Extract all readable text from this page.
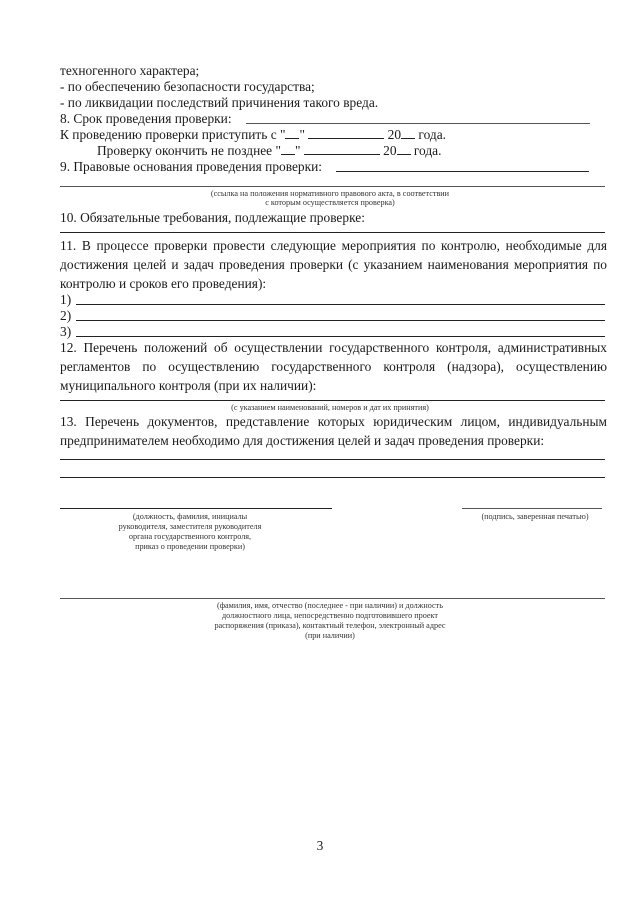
техногенного характера;
- по обеспечению безопасности государства;
- по ликвидации последствий причинения такого вреда.
8. Срок проведения проверки:
К проведению проверки приступить с " "	20 года.
Проверку окончить не позднее " "	20 года.
9. Правовые основания проведения проверки:
(ссылка на положения нормативного правового акта, в соответствии
с которым осуществляется проверка)
10. Обязательные требования, подлежащие проверке:
11. В процессе проверки провести следующие мероприятия по контролю, необходимые для
достижения целей и задач проведения проверки (с указанием наименования мероприятия по
контролю и сроков его проведения):
1)
2)
3)
12. Перечень положений об осуществлении государственного контроля, административных
регламентов по осуществлению государственного контроля (надзора), осуществлению
муниципального контроля (при их наличии):
(с указанием наименований, номеров и дат их принятия)
13. Перечень документов, представление которых юридическим лицом, индивидуальным
предпринимателем необходимо для достижения целей и задач проведения проверки:
(должность, фамилия, инициалы
руководителя, заместителя руководителя
органа государственного контроля,
приказ о проведении проверки)
(подпись, заверенная печатью)
(фамилия, имя, отчество (последнее - при наличии) и должность
должностного лица, непосредственно подготовившего проект
распоряжения (приказа), контактный телефон, электронный адрес
(при наличии)
3
